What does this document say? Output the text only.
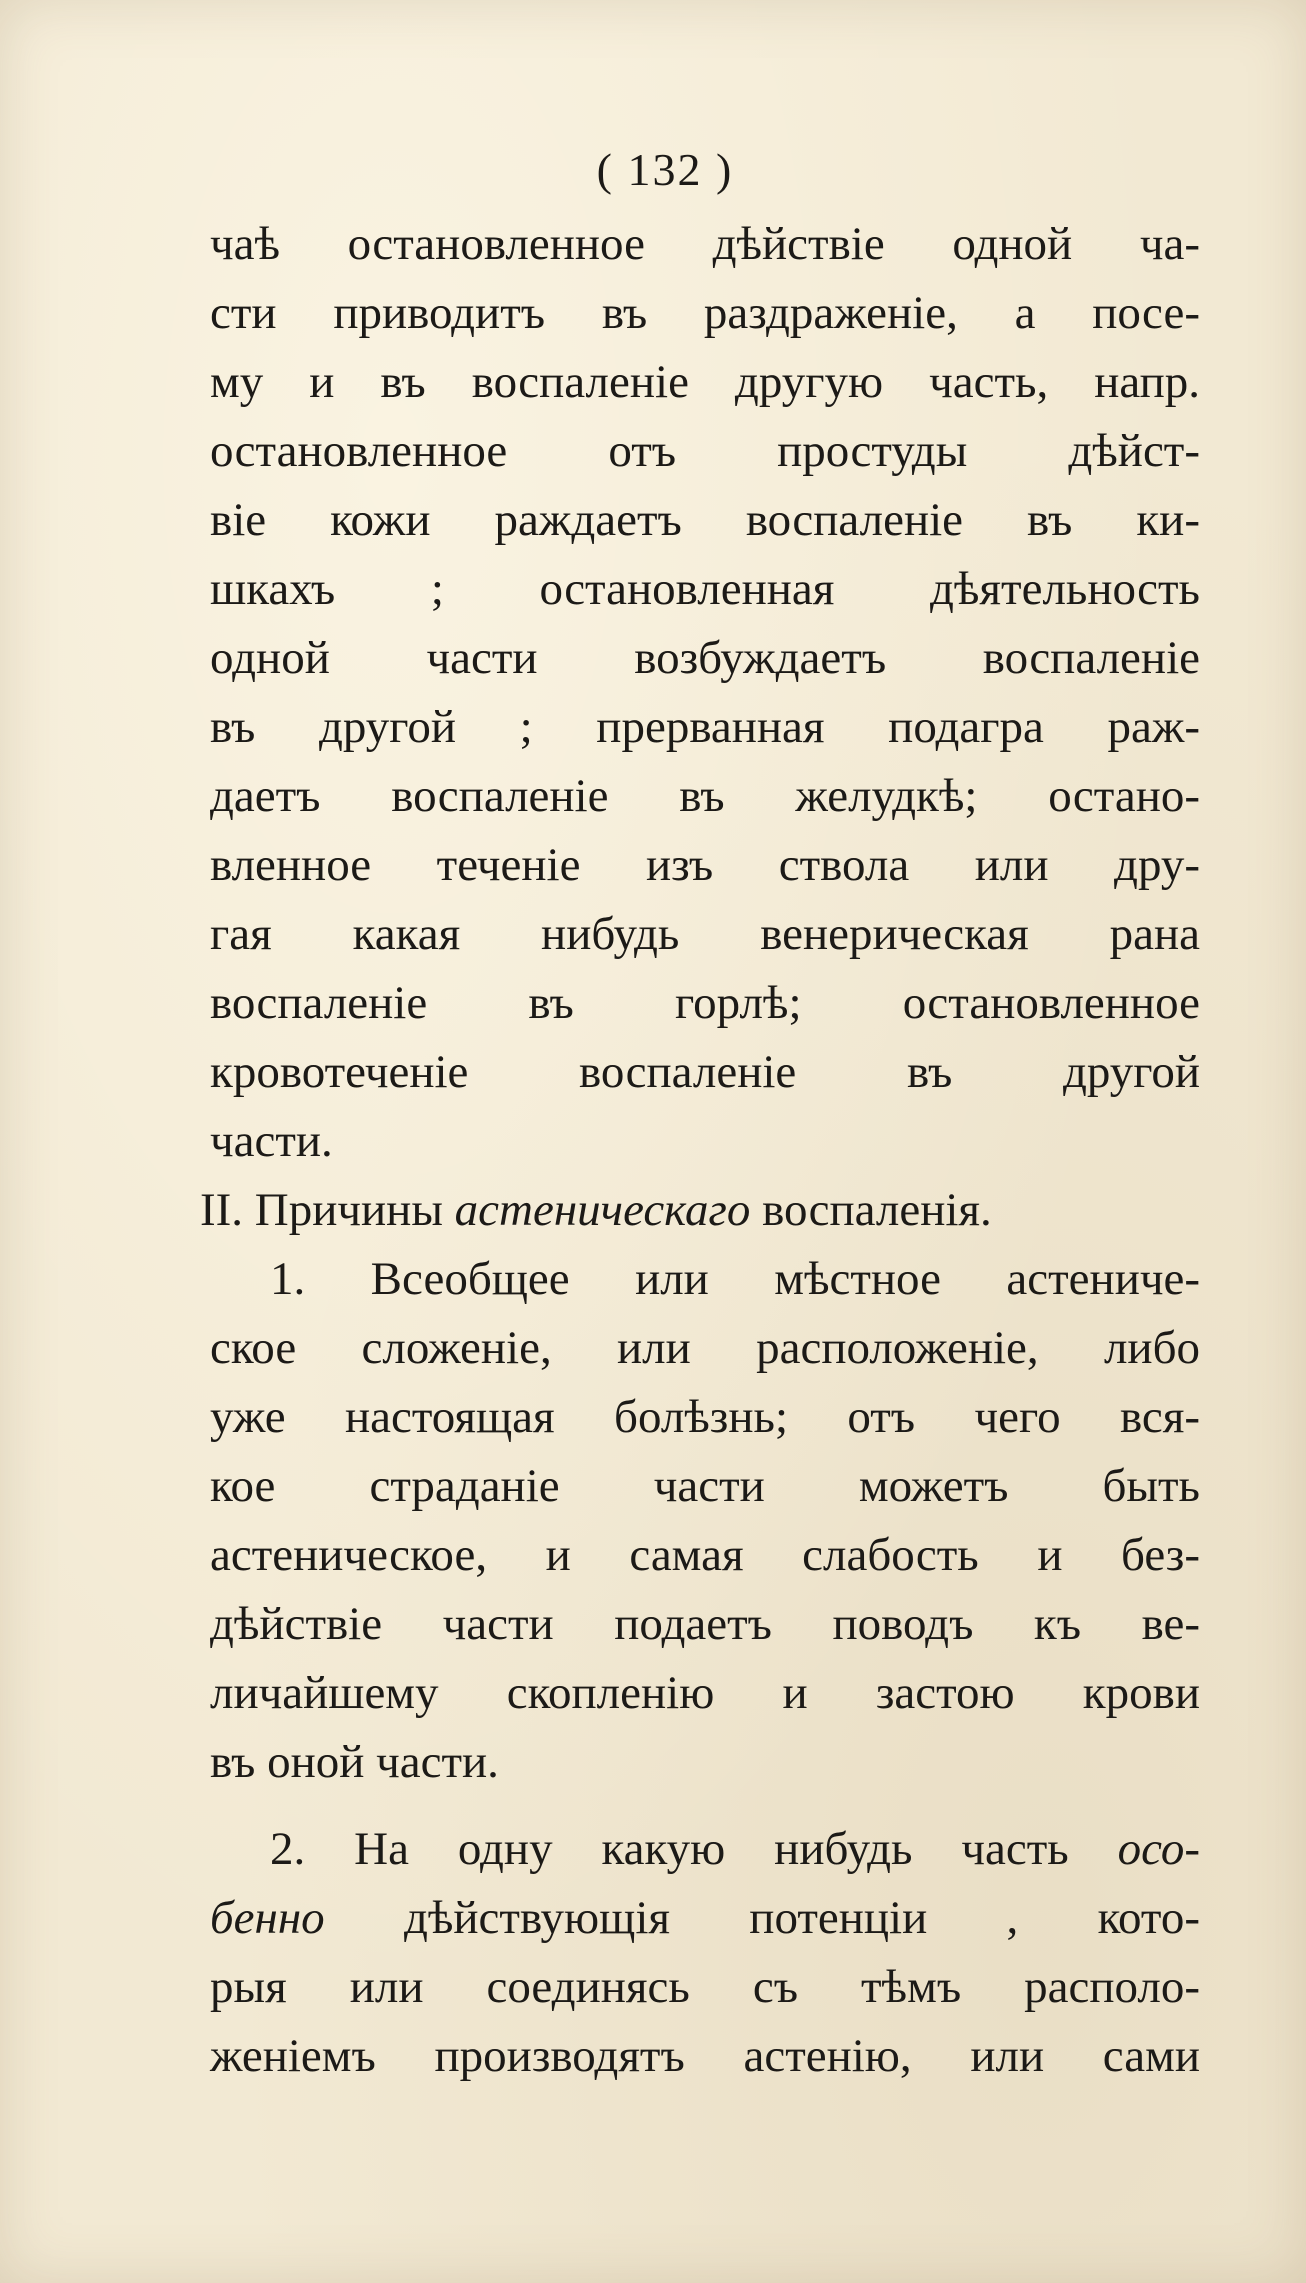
( 132 )
чаѣ остановленное дѣйствіе одной ча-
сти приводитъ въ раздраженіе, а посе-
му и въ воспаленіе другую часть, напр.
остановленное отъ простуды дѣйст-
віе кожи раждаетъ воспаленіе въ ки-
шкахъ ; остановленная дѣятельность
одной части возбуждаетъ воспаленіе
въ другой ; прерванная подагра раж-
даетъ воспаленіе въ желудкѣ; остано-
вленное теченіе изъ ствола или дру-
гая какая нибудь венерическая рана
воспаленіе въ горлѣ; остановленное
кровотеченіе воспаленіе въ другой
части.
II. Причины астеническаго воспаленія.
1. Всеобщее или мѣстное астениче-
ское сложеніе, или расположеніе, либо
уже настоящая болѣзнь; отъ чего вся-
кое страданіе части можетъ быть
астеническое, и самая слабость и без-
дѣйствіе части подаетъ поводъ къ ве-
личайшему скопленію и застою крови
въ оной части.
2. На одну какую нибудь часть осо-
бенно дѣйствующія потенціи , кото-
рыя или соединясь съ тѣмъ располо-
женіемъ производятъ астенію, или сами
